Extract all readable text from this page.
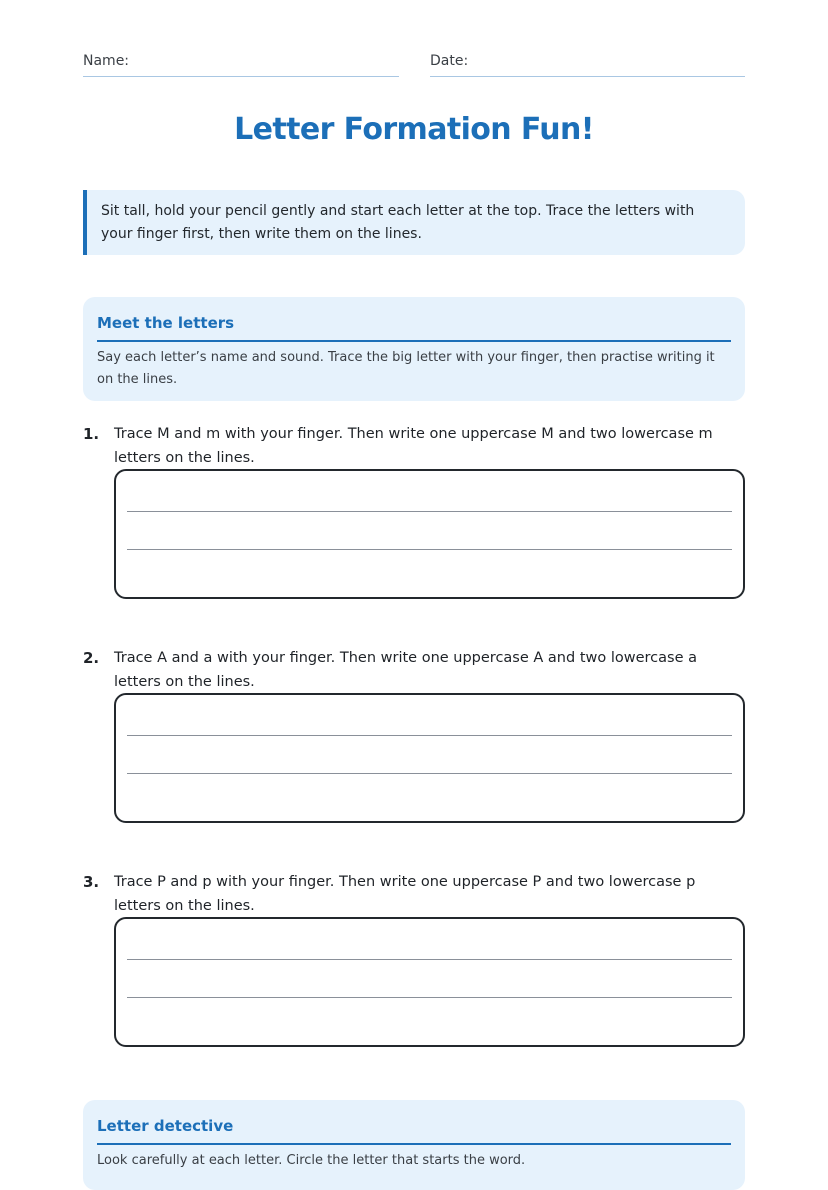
Name:	Date:
Letter Formation Fun!
Sit tall, hold your pencil gently and start each letter at the top. Trace the letters with your finger first, then write them on the lines.
Meet the letters
Say each letter’s name and sound. Trace the big letter with your finger, then practise writing it on the lines.
1. Trace M and m with your finger. Then write one uppercase M and two lowercase m letters on the lines.
2. Trace A and a with your finger. Then write one uppercase A and two lowercase a letters on the lines.
3. Trace P and p with your finger. Then write one uppercase P and two lowercase p letters on the lines.
Letter detective
Look carefully at each letter. Circle the letter that starts the word.
